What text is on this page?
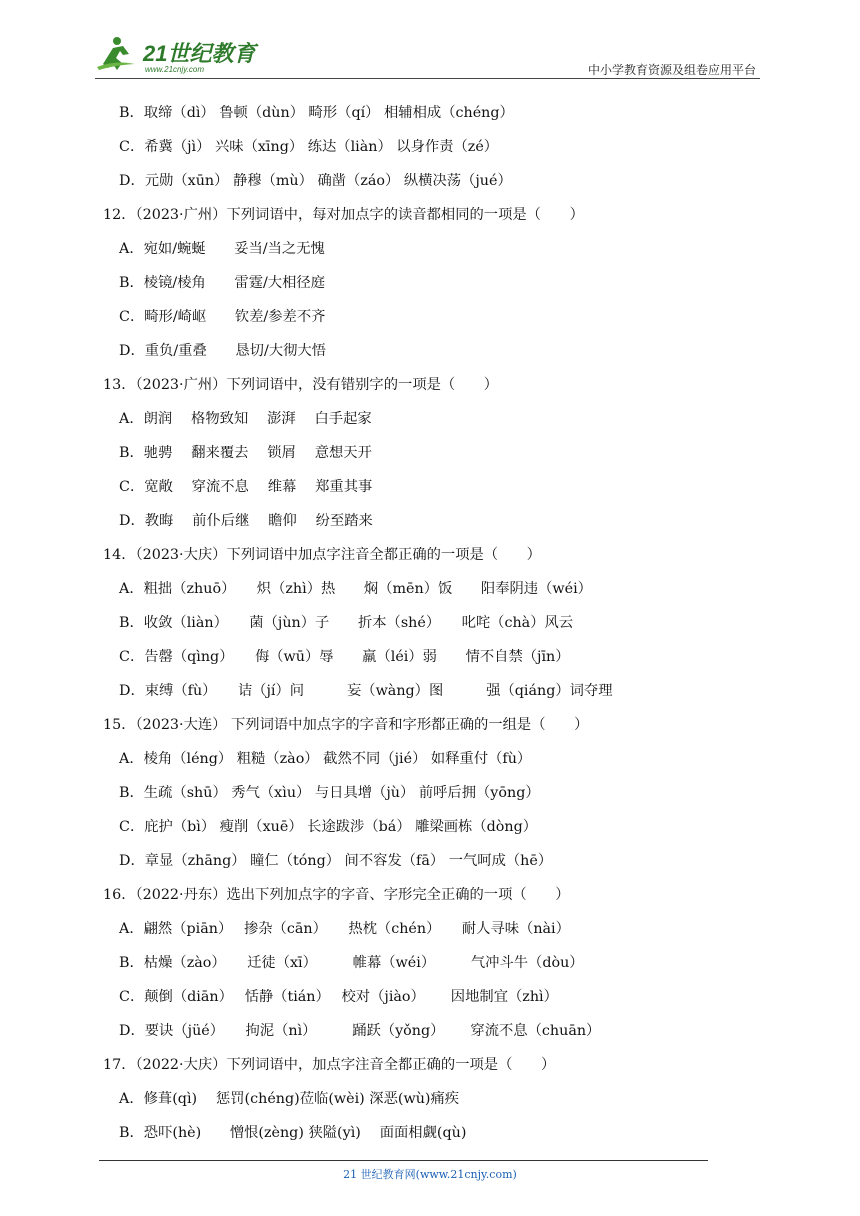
21世纪教育
www.21cnjy.com	中小学教育资源及组卷应用平台
B．取缔（dì） 鲁顿（dùn） 畸形（qí） 相辅相成（chéng）
C．希冀（jì） 兴味（xīng） 练达（liàn） 以身作责（zé）
D．元勋（xūn） 静穆（mù） 确凿（záo） 纵横决荡（jué）
12．（2023·广州）下列词语中，每对加点字的读音都相同的一项是（　　）
A．宛如/蜿蜒　　妥当/当之无愧
B．棱镜/棱角　　雷霆/大相径庭
C．畸形/崎岖　　钦差/参差不齐
D．重负/重叠　　恳切/大彻大悟
13．（2023·广州）下列词语中，没有错别字的一项是（　　）
A．朗润　 格物致知　 澎湃　 白手起家
B．驰骋　 翻来覆去　 锁屑　 意想天开
C．宽敞　 穿流不息　 维幕　 郑重其事
D．教晦　 前仆后继　 瞻仰　 纷至踏来
14．（2023·大庆）下列词语中加点字注音全都正确的一项是（　　）
A．粗拙（zhuō）　　炽（zhì）热　　焖（mēn）饭　　阳奉阴违（wéi）
B．收敛（liàn）　　菌（jùn）子　　折本（shé）　　叱咤（chà）风云
C．告罄（qìng）　　侮（wū）辱　　羸（léi）弱　　情不自禁（jīn）
D．束缚（fù）　　诘（jí）问　　　妄（wàng）图　　　强（qiáng）词夺理
15．（2023·大连） 下列词语中加点字的字音和字形都正确的一组是（　　）
A．棱角（léng） 粗糙（zào） 截然不同（jié） 如释重付（fù）
B．生疏（shū） 秀气（xìu） 与日具增（jù） 前呼后拥（yōng）
C．庇护（bì） 瘦削（xuē） 长途跋涉（bá） 雕梁画栋（dòng）
D．章显（zhāng） 瞳仁（tóng） 间不容发（fā） 一气呵成（hē）
16．（2022·丹东）选出下列加点字的字音、字形完全正确的一项（　　）
A．翩然（piān）　 掺杂（cān）　　热枕（chén）　　耐人寻味（nài）
B．枯燥（zào）　　迁徒（xī）　　　帷幕（wéi）　　　气冲斗牛（dòu）
C．颠倒（diān）　 恬静（tián）　 校对（jiào）　　 因地制宜（zhì）
D．要诀（jüé）　　拘泥（nì）　　　踊跃（yǒng）　　 穿流不息（chuān）
17．（2022·大庆）下列词语中，加点字注音全都正确的一项是（　　）
A．修葺(qì)　 惩罚(chéng)莅临(wèi) 深恶(wù)痛疾
B．恐吓(hè)　　憎恨(zèng) 狭隘(yì)　 面面相觑(qù)
21 世纪教育网(www.21cnjy.com)
